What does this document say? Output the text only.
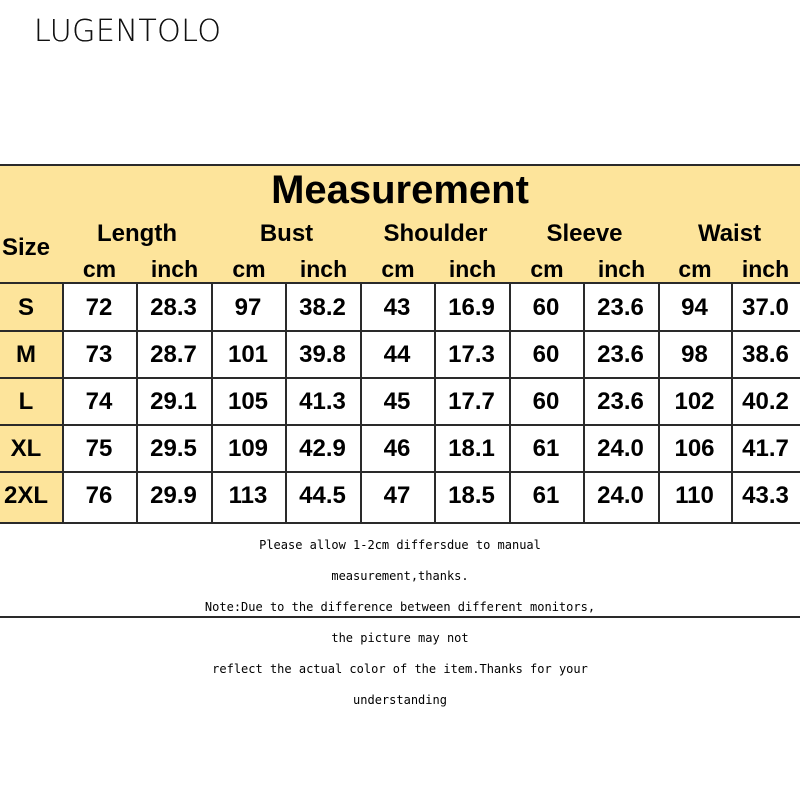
LUGENTOLO
Measurement
Size
Length	Bust	Shoulder	Sleeve	Waist
cm	inch	cm	inch	cm	inch	cm	inch	cm	inch
S	72	28.3	97	38.2	43	16.9	60	23.6	94	37.0
M	73	28.7	101	39.8	44	17.3	60	23.6	98	38.6
L	74	29.1	105	41.3	45	17.7	60	23.6	102	40.2
XL	75	29.5	109	42.9	46	18.1	61	24.0	106	41.7
2XL	76	29.9	113	44.5	47	18.5	61	24.0	110	43.3

Please allow 1-2cm differsdue to manual

measurement,thanks.

Note:Due to the difference between different monitors,

the picture may not

reflect the actual color of the item.Thanks for your

understanding
